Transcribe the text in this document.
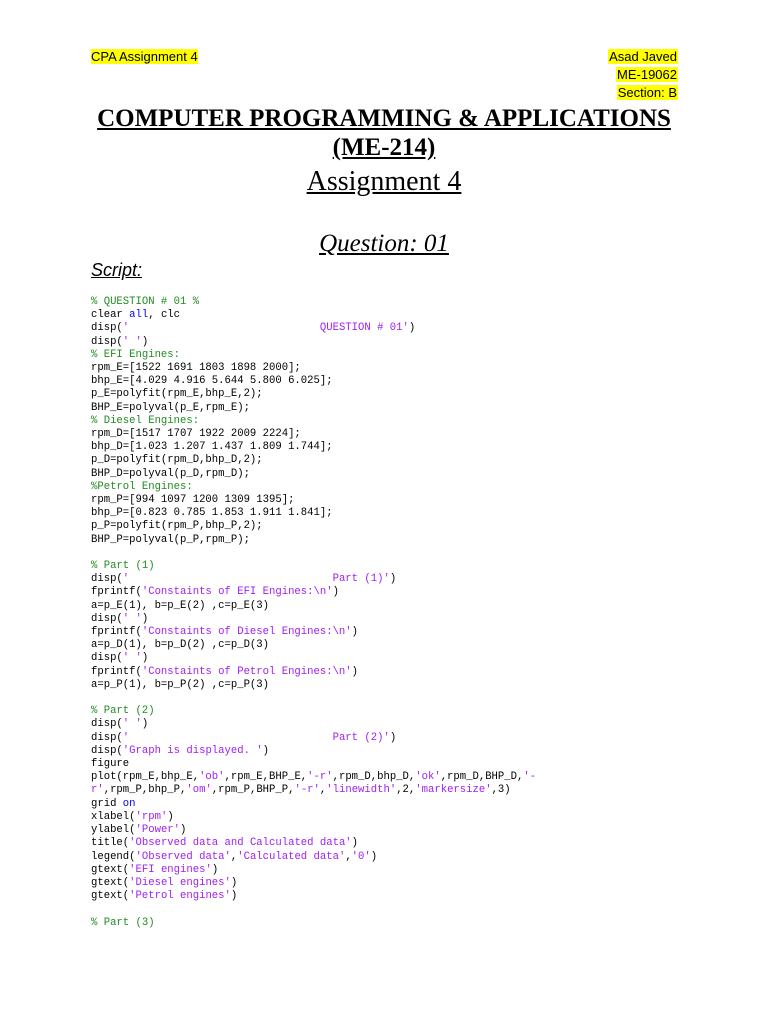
CPA Assignment 4	Asad Javed
ME-19062
Section: B
COMPUTER PROGRAMMING & APPLICATIONS
(ME-214)
Assignment 4
Question: 01
Script:
% QUESTION # 01 %
clear all, clc
disp('                              QUESTION # 01')
disp(' ')
% EFI Engines:
rpm_E=[1522 1691 1803 1898 2000];
bhp_E=[4.029 4.916 5.644 5.800 6.025];
p_E=polyfit(rpm_E,bhp_E,2);
BHP_E=polyval(p_E,rpm_E);
% Diesel Engines:
rpm_D=[1517 1707 1922 2009 2224];
bhp_D=[1.023 1.207 1.437 1.809 1.744];
p_D=polyfit(rpm_D,bhp_D,2);
BHP_D=polyval(p_D,rpm_D);
%Petrol Engines:
rpm_P=[994 1097 1200 1309 1395];
bhp_P=[0.823 0.785 1.853 1.911 1.841];
p_P=polyfit(rpm_P,bhp_P,2);
BHP_P=polyval(p_P,rpm_P);
% Part (1)
disp('                                Part (1)')
fprintf('Constaints of EFI Engines:\n')
a=p_E(1), b=p_E(2) ,c=p_E(3)
disp(' ')
fprintf('Constaints of Diesel Engines:\n')
a=p_D(1), b=p_D(2) ,c=p_D(3)
disp(' ')
fprintf('Constaints of Petrol Engines:\n')
a=p_P(1), b=p_P(2) ,c=p_P(3)
% Part (2)
disp(' ')
disp('                                Part (2)')
disp('Graph is displayed. ')
figure
plot(rpm_E,bhp_E,'ob',rpm_E,BHP_E,'-r',rpm_D,bhp_D,'ok',rpm_D,BHP_D,'-
r',rpm_P,bhp_P,'om',rpm_P,BHP_P,'-r','linewidth',2,'markersize',3)
grid on
xlabel('rpm')
ylabel('Power')
title('Observed data and Calculated data')
legend('Observed data','Calculated data','0')
gtext('EFI engines')
gtext('Diesel engines')
gtext('Petrol engines')
% Part (3)
